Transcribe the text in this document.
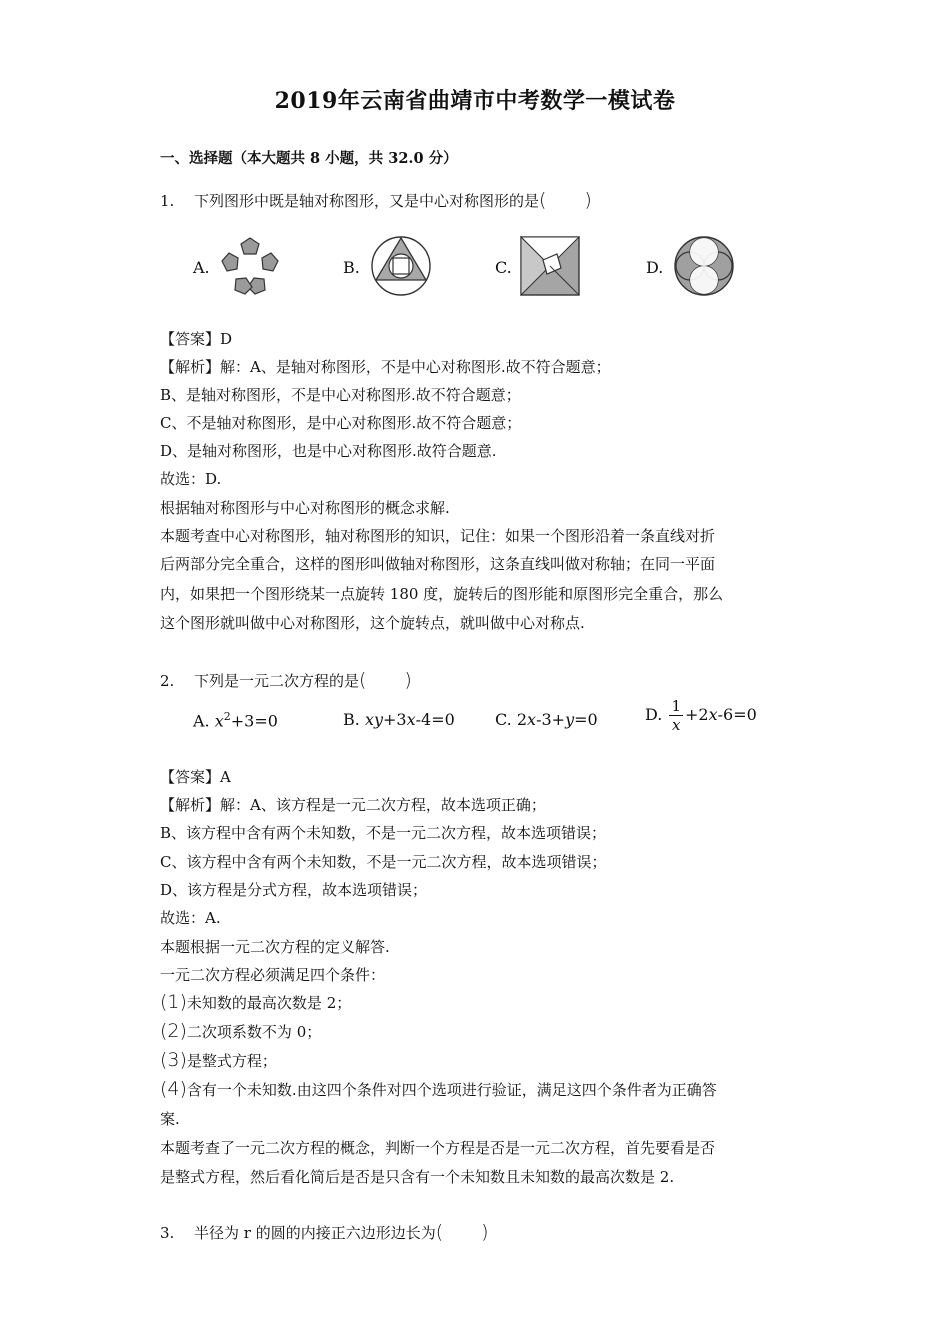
2019年云南省曲靖市中考数学一模试卷
一、选择题（本大题共 8 小题，共 32.0 分）
1. 下列图形中既是轴对称图形，又是中心对称图形的是(　　)
A.	B.	C.	D.
【答案】D
【解析】解：A、是轴对称图形，不是中心对称图形.故不符合题意；
B、是轴对称图形，不是中心对称图形.故不符合题意；
C、不是轴对称图形，是中心对称图形.故不符合题意；
D、是轴对称图形，也是中心对称图形.故符合题意.
故选：D.
根据轴对称图形与中心对称图形的概念求解.
本题考查中心对称图形，轴对称图形的知识，记住：如果一个图形沿着一条直线对折
后两部分完全重合，这样的图形叫做轴对称图形，这条直线叫做对称轴；在同一平面
内，如果把一个图形绕某一点旋转 180 度，旋转后的图形能和原图形完全重合，那么
这个图形就叫做中心对称图形，这个旋转点，就叫做中心对称点.
2. 下列是一元二次方程的是(　　)
A. $x^2+3=0$	B. xy+3x-4=0	C. 2x-3+y=0	D. $\frac{1}{x} +2x-6=0$
【答案】A
【解析】解：A、该方程是一元二次方程，故本选项正确；
B、该方程中含有两个未知数，不是一元二次方程，故本选项错误；
C、该方程中含有两个未知数，不是一元二次方程，故本选项错误；
D、该方程是分式方程，故本选项错误；
故选：A.
本题根据一元二次方程的定义解答.
一元二次方程必须满足四个条件：
(1)未知数的最高次数是 2；
(2)二次项系数不为 0；
(3)是整式方程；
(4)含有一个未知数.由这四个条件对四个选项进行验证，满足这四个条件者为正确答
案.
本题考查了一元二次方程的概念，判断一个方程是否是一元二次方程，首先要看是否
是整式方程，然后看化简后是否是只含有一个未知数且未知数的最高次数是 2.
3. 半径为 r 的圆的内接正六边形边长为(　　)
